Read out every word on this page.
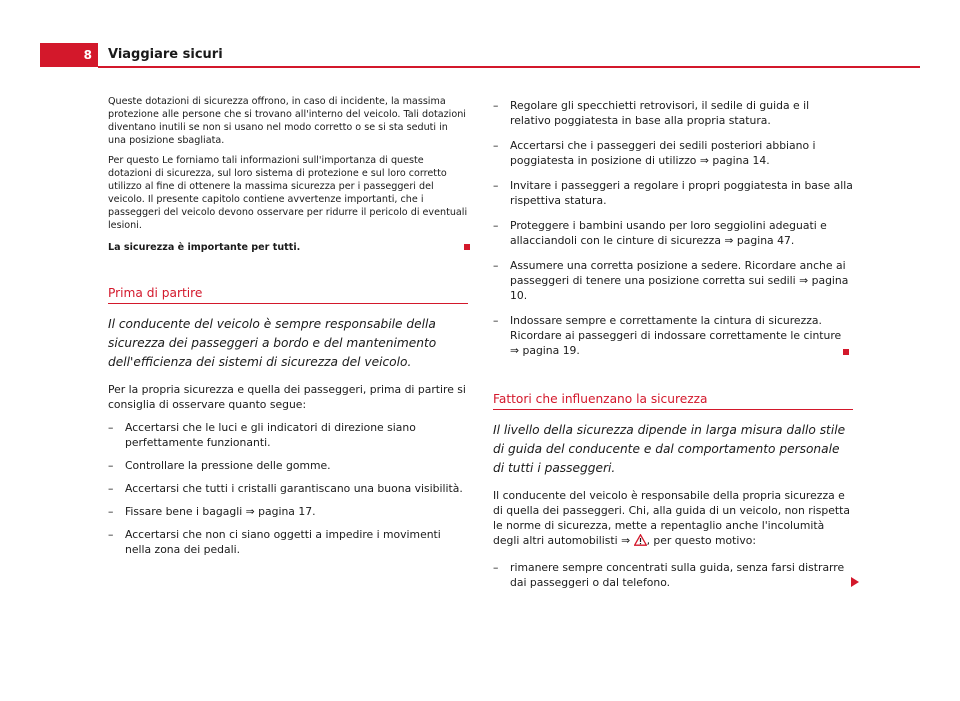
8	Viaggiare sicuri

Queste dotazioni di sicurezza offrono, in caso di incidente, la massima protezione alle persone che si trovano all'interno del veicolo. Tali dotazioni diventano inutili se non si usano nel modo corretto o se si sta seduti in una posizione sbagliata.

Per questo Le forniamo tali informazioni sull'importanza di queste dotazioni di sicurezza, sul loro sistema di protezione e sul loro corretto utilizzo al fine di ottenere la massima sicurezza per i passeggeri del veicolo. Il presente capitolo contiene avvertenze importanti, che i passeggeri del veicolo devono osservare per ridurre il pericolo di eventuali lesioni.

La sicurezza è importante per tutti.

Prima di partire

Il conducente del veicolo è sempre responsabile della sicurezza dei passeggeri a bordo e del mantenimento dell'efficienza dei sistemi di sicurezza del veicolo.

Per la propria sicurezza e quella dei passeggeri, prima di partire si consiglia di osservare quanto segue:

– Accertarsi che le luci e gli indicatori di direzione siano perfettamente funzionanti.
– Controllare la pressione delle gomme.
– Accertarsi che tutti i cristalli garantiscano una buona visibilità.
– Fissare bene i bagagli ⇒ pagina 17.
– Accertarsi che non ci siano oggetti a impedire i movimenti nella zona dei pedali.
– Regolare gli specchietti retrovisori, il sedile di guida e il relativo poggiatesta in base alla propria statura.
– Accertarsi che i passeggeri dei sedili posteriori abbiano i poggiatesta in posizione di utilizzo ⇒ pagina 14.
– Invitare i passeggeri a regolare i propri poggiatesta in base alla rispettiva statura.
– Proteggere i bambini usando per loro seggiolini adeguati e allacciandoli con le cinture di sicurezza ⇒ pagina 47.
– Assumere una corretta posizione a sedere. Ricordare anche ai passeggeri di tenere una posizione corretta sui sedili ⇒ pagina 10.
– Indossare sempre e correttamente la cintura di sicurezza. Ricordare ai passeggeri di indossare correttamente le cinture ⇒ pagina 19.
Fattori che influenzano la sicurezza

Il livello della sicurezza dipende in larga misura dallo stile di guida del conducente e dal comportamento personale di tutti i passeggeri.

Il conducente del veicolo è responsabile della propria sicurezza e di quella dei passeggeri. Chi, alla guida di un veicolo, non rispetta le norme di sicurezza, mette a repentaglio anche l'incolumità degli altri automobilisti ⇒ , per questo motivo:

– rimanere sempre concentrati sulla guida, senza farsi distrarre dai passeggeri o dal telefono.
